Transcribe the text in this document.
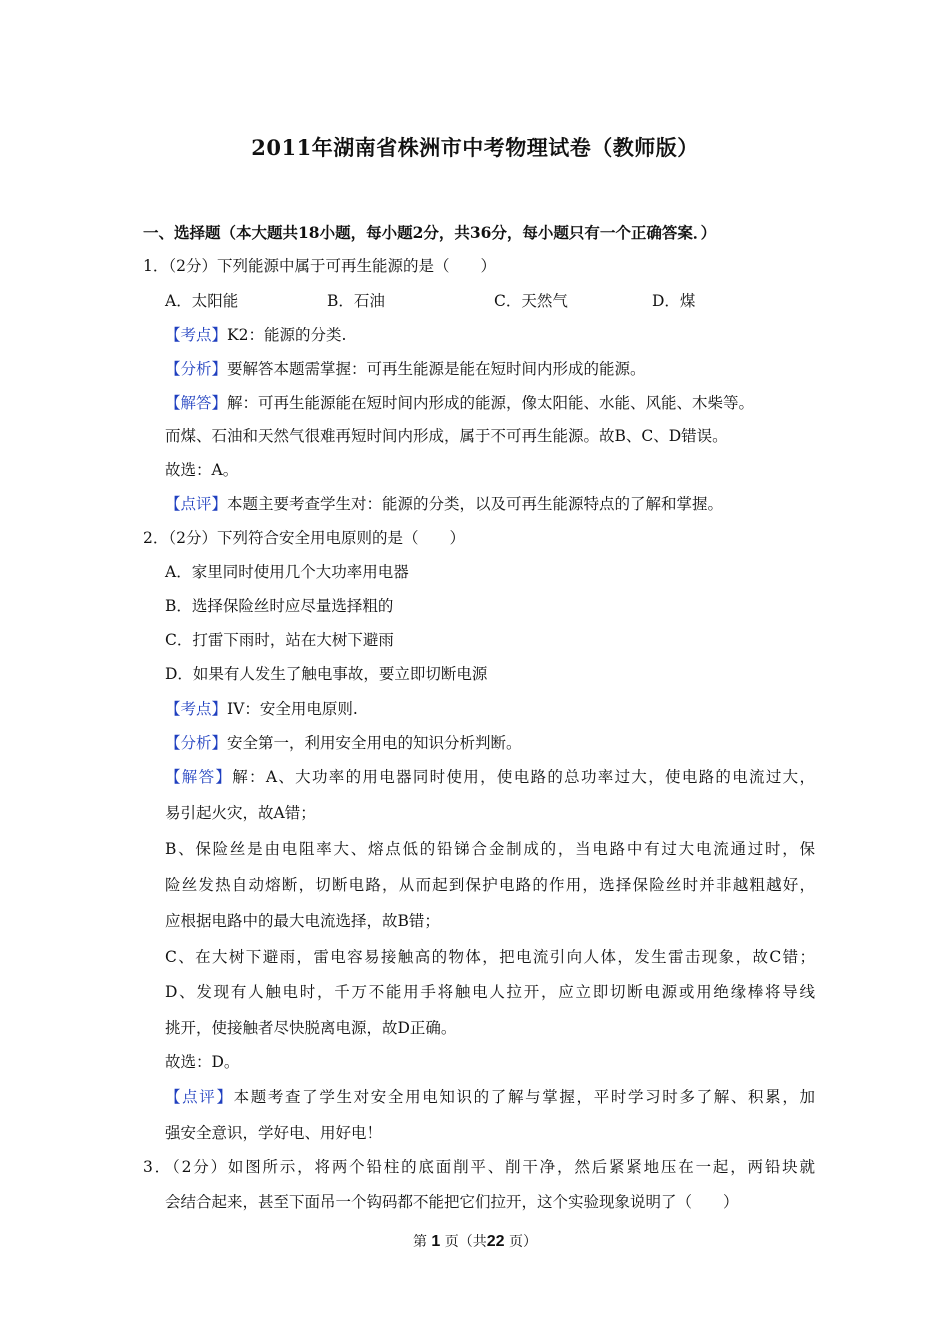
2011年湖南省株洲市中考物理试卷（教师版）
一、选择题（本大题共18小题，每小题2分，共36分，每小题只有一个正确答案．）
1．（2分）下列能源中属于可再生能源的是（　　）
A．太阳能	B．石油	C．天然气	D．煤
【考点】K2：能源的分类.
【分析】要解答本题需掌握：可再生能源是能在短时间内形成的能源。
【解答】解：可再生能源能在短时间内形成的能源，像太阳能、水能、风能、木柴等。
而煤、石油和天然气很难再短时间内形成，属于不可再生能源。故B、C、D错误。
故选：A。
【点评】本题主要考查学生对：能源的分类，以及可再生能源特点的了解和掌握。
2．（2分）下列符合安全用电原则的是（　　）
A．家里同时使用几个大功率用电器
B．选择保险丝时应尽量选择粗的
C．打雷下雨时，站在大树下避雨
D．如果有人发生了触电事故，要立即切断电源
【考点】IV：安全用电原则.
【分析】安全第一，利用安全用电的知识分析判断。
【解答】解：A、大功率的用电器同时使用，使电路的总功率过大，使电路的电流过大，
易引起火灾，故A错；
B、保险丝是由电阻率大、熔点低的铅锑合金制成的，当电路中有过大电流通过时，保
险丝发热自动熔断，切断电路，从而起到保护电路的作用，选择保险丝时并非越粗越好，
应根据电路中的最大电流选择，故B错；
C、在大树下避雨，雷电容易接触高的物体，把电流引向人体，发生雷击现象，故C错；
D、发现有人触电时，千万不能用手将触电人拉开，应立即切断电源或用绝缘棒将导线
挑开，使接触者尽快脱离电源，故D正确。
故选：D。
【点评】本题考查了学生对安全用电知识的了解与掌握，平时学习时多了解、积累，加
强安全意识，学好电、用好电！
3．（2分）如图所示，将两个铅柱的底面削平、削干净，然后紧紧地压在一起，两铅块就
会结合起来，甚至下面吊一个钩码都不能把它们拉开，这个实验现象说明了（　　）
第 1 页（共22 页）
